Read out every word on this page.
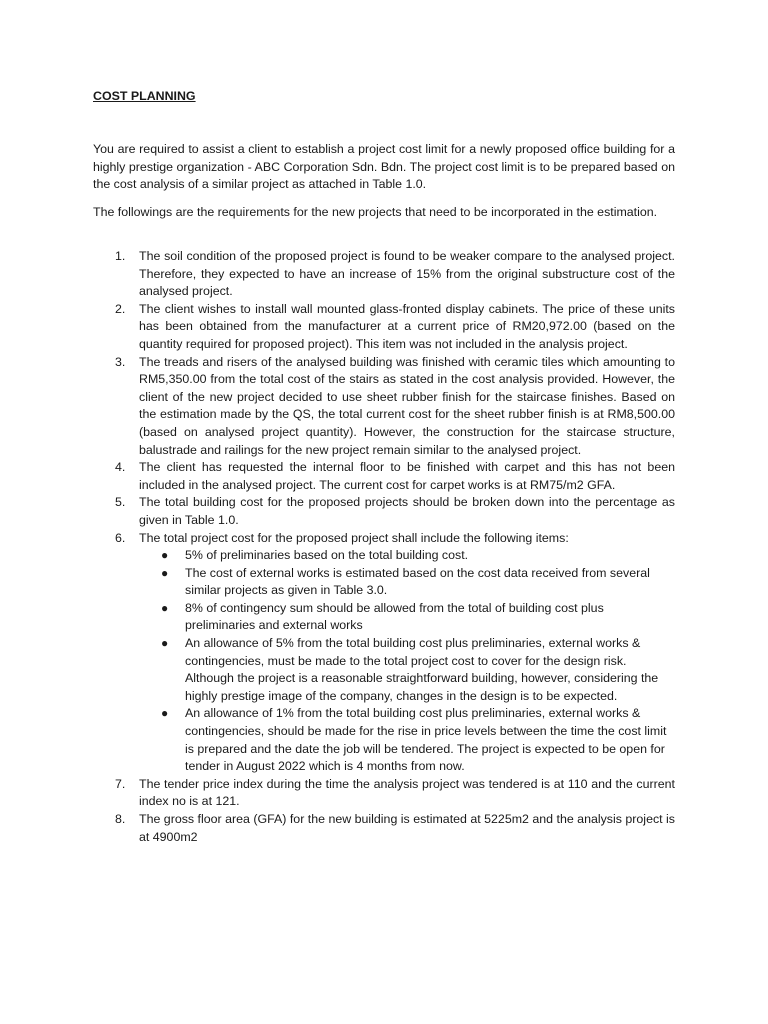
COST PLANNING

You are required to assist a client to establish a project cost limit for a newly proposed office building for a highly prestige organization - ABC Corporation Sdn. Bdn. The project cost limit is to be prepared based on the cost analysis of a similar project as attached in Table 1.0.

The followings are the requirements for the new projects that need to be incorporated in the estimation.

1. The soil condition of the proposed project is found to be weaker compare to the analysed project. Therefore, they expected to have an increase of 15% from the original substructure cost of the analysed project.
2. The client wishes to install wall mounted glass-fronted display cabinets. The price of these units has been obtained from the manufacturer at a current price of RM20,972.00 (based on the quantity required for proposed project). This item was not included in the analysis project.
3. The treads and risers of the analysed building was finished with ceramic tiles which amounting to RM5,350.00 from the total cost of the stairs as stated in the cost analysis provided. However, the client of the new project decided to use sheet rubber finish for the staircase finishes. Based on the estimation made by the QS, the total current cost for the sheet rubber finish is at RM8,500.00 (based on analysed project quantity). However, the construction for the staircase structure, balustrade and railings for the new project remain similar to the analysed project.
4. The client has requested the internal floor to be finished with carpet and this has not been included in the analysed project. The current cost for carpet works is at RM75/m2 GFA.
5. The total building cost for the proposed projects should be broken down into the percentage as given in Table 1.0.
6. The total project cost for the proposed project shall include the following items:
● 5% of preliminaries based on the total building cost.
● The cost of external works is estimated based on the cost data received from several similar projects as given in Table 3.0.
● 8% of contingency sum should be allowed from the total of building cost plus preliminaries and external works
● An allowance of 5% from the total building cost plus preliminaries, external works & contingencies, must be made to the total project cost to cover for the design risk. Although the project is a reasonable straightforward building, however, considering the highly prestige image of the company, changes in the design is to be expected.
● An allowance of 1% from the total building cost plus preliminaries, external works & contingencies, should be made for the rise in price levels between the time the cost limit is prepared and the date the job will be tendered. The project is expected to be open for tender in August 2022 which is 4 months from now.
7. The tender price index during the time the analysis project was tendered is at 110 and the current index no is at 121.
8. The gross floor area (GFA) for the new building is estimated at 5225m2 and the analysis project is at 4900m2
